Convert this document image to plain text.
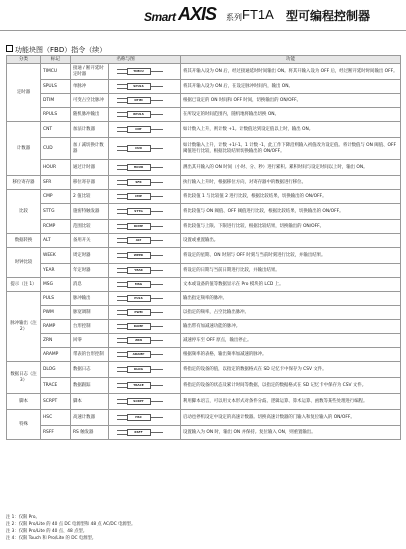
Smart AXIS 系列 FT1A 型可编程控制器
功能块图（FBD）指令（续）
分类	标记	名称与图		功能
定时器	TIMCU	接通 / 断开延时定时器	TIMCU	将其开输入设为 ON 后，经过接通延时时间输出 ON。将其开输入设为 OFF 后，经过断开延时时间输出 OFF。
	SPULS	单脉冲	SPULS	将其开输入设为 ON 后，在设定脉冲时间内，输出 ON。
	DTIM	可变占空比脉冲	DTIM	根据已设定的 ON 时间和 OFF 时间，切换输出的 ON/OFF。
	RPULS	随机脉冲输出	RPULS	在所设定的时间范围内，随机地将输出切换 ON。
计数器	CNT	加法计数器	CNT	如计数入上升，则计数 +1。计数值达到设定值以上时，输出 ON。
	CUD	加 / 减切换计数器	CUD	如计数输入上升，计数 +1/-1。1 计数 -1，此工作下降沿则输入初值改为设定值。将计数值与 ON 阈值、OFF 阈值进行比较，根据比较结果切换输出的 ON/OFF。
	HOUR	通过计时器	HOUR	测出其开输入的 ON 时间（小时、分、秒）进行累积。累积时间与设定时间以上时，输出 ON。
移位寄存器	SFR	移位寄存器	SFR	执行输入上升时，根据移位方向，对寄存器中的数据进行移位。
比较	CMP	2 值比较	CMP	将比较值 1 与比较值 2 进行比较，根据比较结果，切换输出的 ON/OFF。
	STTG	施密特触发器	STTG	将比较值与 ON 阈值、OFF 阈值进行比较，根据比较结果，切换输出的 ON/OFF。
	RCMP	范围比较	RCMP	将比较值与上限、下限进行比较，根据比较结果，切换输出的 ON/OFF。
数据转换	ALT	备用开关	ALT	设置或重置输出。
时钟比较	WEEK	周定时器	WEEK	将设定的星期、ON 时刻与 OFF 时刻与当前时刻进行比较，并输出结果。
	YEAR	年定时器	YEAR	将设定的日期与当前日期进行比较，并输出结果。
提示（注 1）	MSG	消息	MSG	文本或设备的值等数据显示在 Pro 模块的 LCD 上。
脉冲输出（注 2）	PULS	脉冲输出	PULS	输出指定频率的脉冲。
	PWM	脉宽调制	PWM	以指定的频率，占空比输出脉冲。
	RAMP	台形控制	RAMP	输出带有加减速功能的脉冲。
	ZRN	回零	ZRN	减速停车至 OFF 原点，输出停止。
	ARAMP	带表的台形控制	ARAMP	根据频率的表格，输出频率加减速的脉冲。
数据日志（注 3）	DLOG	数据日志	DLOG	将指定的设备的值，以指定的数据格式在 SD 记忆卡中保存为 CSV 文件。
	TRACE	数据跟踪	TRACE	将指定的设备的状态及累计时间等数据，以指定的数据格式在 SD 记忆卡中保存为 CSV 文件。
脚本	SCRPT	脚本	SCRPT	利用脚本语言，可以用文本形式对条件分歧、逻辑运算、算术运算、函数等某些处理进行编程。
特殊	HSC	高速计数器	HSC	启动也停机设定中设定的高速计数器。切换高速计数器的门输入和复位输入的 ON/OFF。
	RSFF	RS 触发器	RSFF	设置输入为 ON 时，输出 ON 并保持。复位输入 ON，则重置输出。
注 1：仅限 Pro。
注 2：仅限 Pro/Lite 的 40 点 DC 电源型和 48 点 AC/DC 电源型。
注 3：仅限 Pro/Lite 的 40 点、48 点型。
注 4：仅限 Touch 和 Pro/Lite 的 DC 电源型。
